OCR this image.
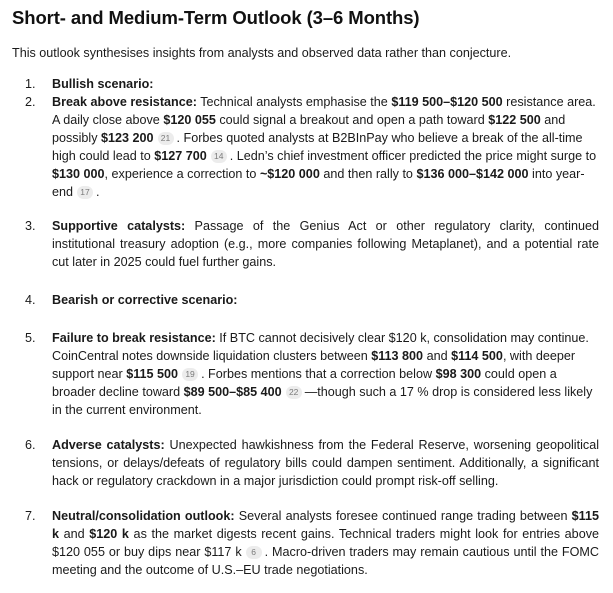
Short- and Medium-Term Outlook (3–6 Months)

This outlook synthesises insights from analysts and observed data rather than conjecture.

1.	Bullish scenario:
2.	Break above resistance: Technical analysts emphasise the $119 500–$120 500 resistance area. A daily close above $120 055 could signal a breakout and open a path toward $122 500 and possibly $123 200 21 . Forbes quoted analysts at B2BInPay who believe a break of the all-time high could lead to $127 700 14 . Ledn’s chief investment officer predicted the price might surge to $130 000, experience a correction to ~$120 000 and then rally to $136 000–$142 000 into year-end 17 .
3.	Supportive catalysts: Passage of the Genius Act or other regulatory clarity, continued institutional treasury adoption (e.g., more companies following Metaplanet), and a potential rate cut later in 2025 could fuel further gains.
4.	Bearish or corrective scenario:
5.	Failure to break resistance: If BTC cannot decisively clear $120 k, consolidation may continue. CoinCentral notes downside liquidation clusters between $113 800 and $114 500, with deeper support near $115 500 19 . Forbes mentions that a correction below $98 300 could open a broader decline toward $89 500–$85 400 22 —though such a 17 % drop is considered less likely in the current environment.
6.	Adverse catalysts: Unexpected hawkishness from the Federal Reserve, worsening geopolitical tensions, or delays/defeats of regulatory bills could dampen sentiment. Additionally, a significant hack or regulatory crackdown in a major jurisdiction could prompt risk-off selling.
7.	Neutral/consolidation outlook: Several analysts foresee continued range trading between $115 k and $120 k as the market digests recent gains. Technical traders might look for entries above $120 055 or buy dips near $117 k 6 . Macro-driven traders may remain cautious until the FOMC meeting and the outcome of U.S.–EU trade negotiations.
